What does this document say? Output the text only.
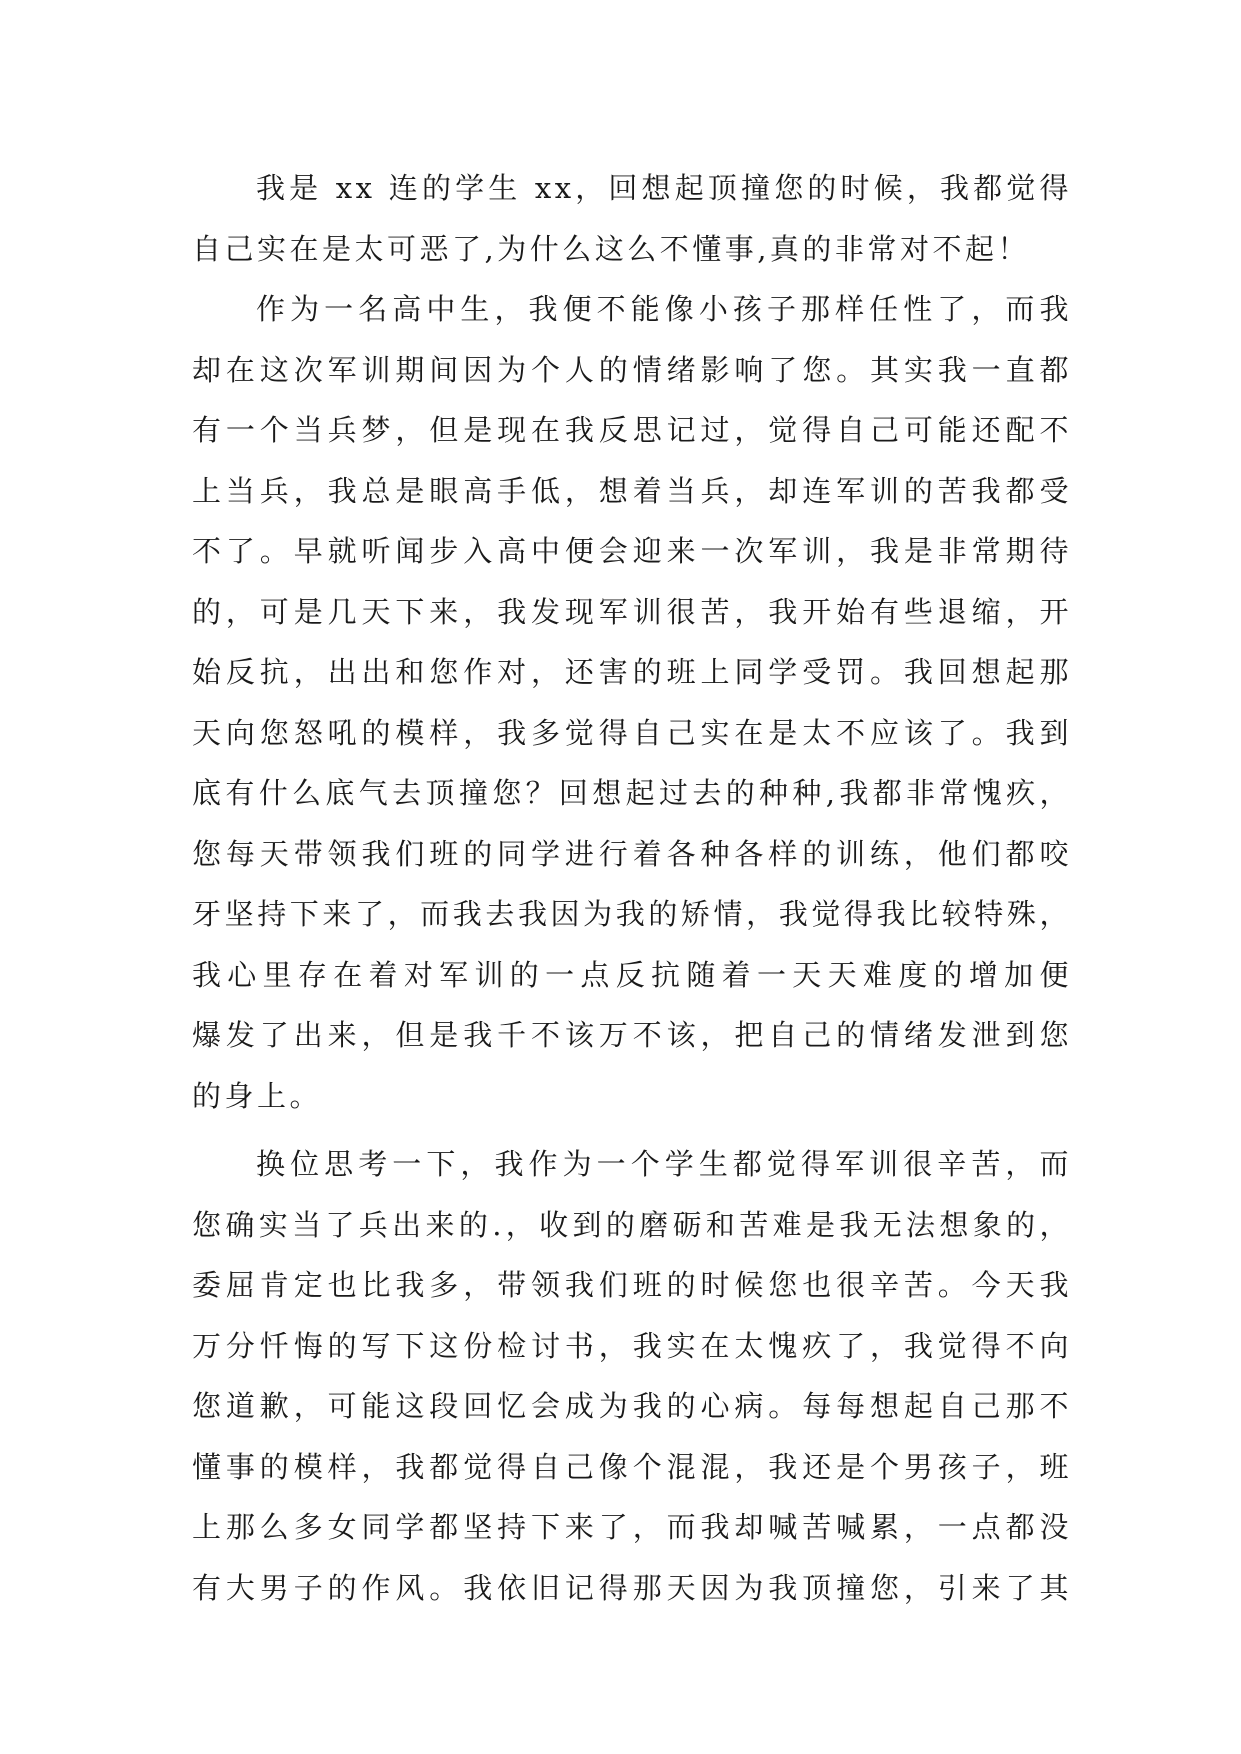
我是 xx 连的学生 xx，回想起顶撞您的时候，我都觉得
自己实在是太可恶了,为什么这么不懂事,真的非常对不起！
作为一名高中生，我便不能像小孩子那样任性了，而我
却在这次军训期间因为个人的情绪影响了您。其实我一直都
有一个当兵梦，但是现在我反思记过，觉得自己可能还配不
上当兵，我总是眼高手低，想着当兵，却连军训的苦我都受
不了。早就听闻步入高中便会迎来一次军训，我是非常期待
的，可是几天下来，我发现军训很苦，我开始有些退缩，开
始反抗，出出和您作对，还害的班上同学受罚。我回想起那
天向您怒吼的模样，我多觉得自己实在是太不应该了。我到
底有什么底气去顶撞您？回想起过去的种种,我都非常愧疚，
您每天带领我们班的同学进行着各种各样的训练，他们都咬
牙坚持下来了，而我去我因为我的矫情，我觉得我比较特殊，
我心里存在着对军训的一点反抗随着一天天难度的增加便
爆发了出来，但是我千不该万不该，把自己的情绪发泄到您
的身上。
换位思考一下，我作为一个学生都觉得军训很辛苦，而
您确实当了兵出来的.，收到的磨砺和苦难是我无法想象的，
委屈肯定也比我多，带领我们班的时候您也很辛苦。今天我
万分忏悔的写下这份检讨书，我实在太愧疚了，我觉得不向
您道歉，可能这段回忆会成为我的心病。每每想起自己那不
懂事的模样，我都觉得自己像个混混，我还是个男孩子，班
上那么多女同学都坚持下来了，而我却喊苦喊累，一点都没
有大男子的作风。我依旧记得那天因为我顶撞您，引来了其
